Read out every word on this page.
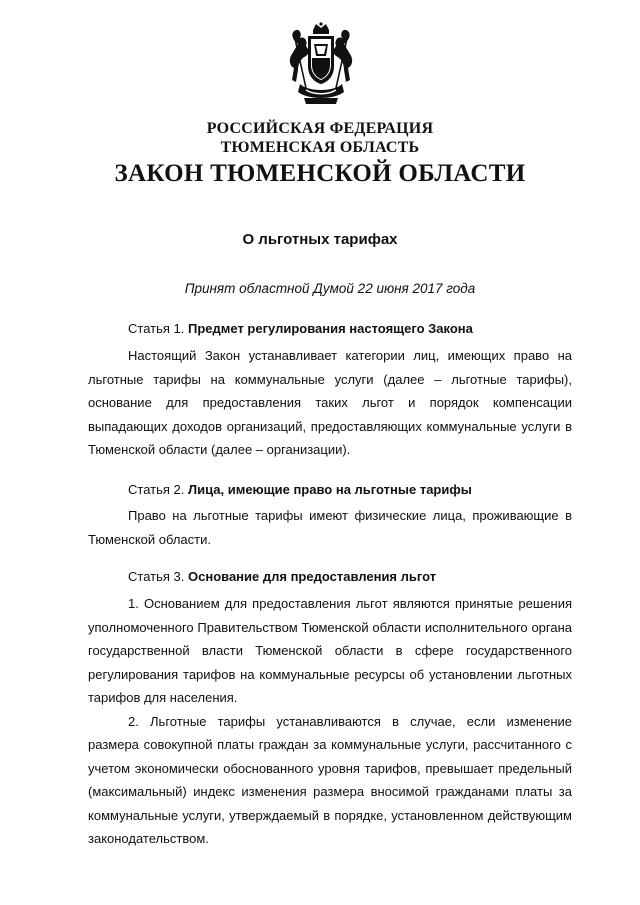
РОССИЙСКАЯ ФЕДЕРАЦИЯ
ТЮМЕНСКАЯ ОБЛАСТЬ
ЗАКОН ТЮМЕНСКОЙ ОБЛАСТИ
О льготных тарифах
Принят областной Думой 22 июня 2017 года
Статья 1. Предмет регулирования настоящего Закона

Настоящий Закон устанавливает категории лиц, имеющих право на льготные тарифы на коммунальные услуги (далее – льготные тарифы), основание для предоставления таких льгот и порядок компенсации выпадающих доходов организаций, предоставляющих коммунальные услуги в Тюменской области (далее – организации).

Статья 2. Лица, имеющие право на льготные тарифы

Право на льготные тарифы имеют физические лица, проживающие в Тюменской области.

Статья 3. Основание для предоставления льгот

1. Основанием для предоставления льгот являются принятые решения уполномоченного Правительством Тюменской области исполнительного органа государственной власти Тюменской области в сфере государственного регулирования тарифов на коммунальные ресурсы об установлении льготных тарифов для населения.

2. Льготные тарифы устанавливаются в случае, если изменение размера совокупной платы граждан за коммунальные услуги, рассчитанного с учетом экономически обоснованного уровня тарифов, превышает предельный (максимальный) индекс изменения размера вносимой гражданами платы за коммунальные услуги, утверждаемый в порядке, установленном действующим законодательством.
